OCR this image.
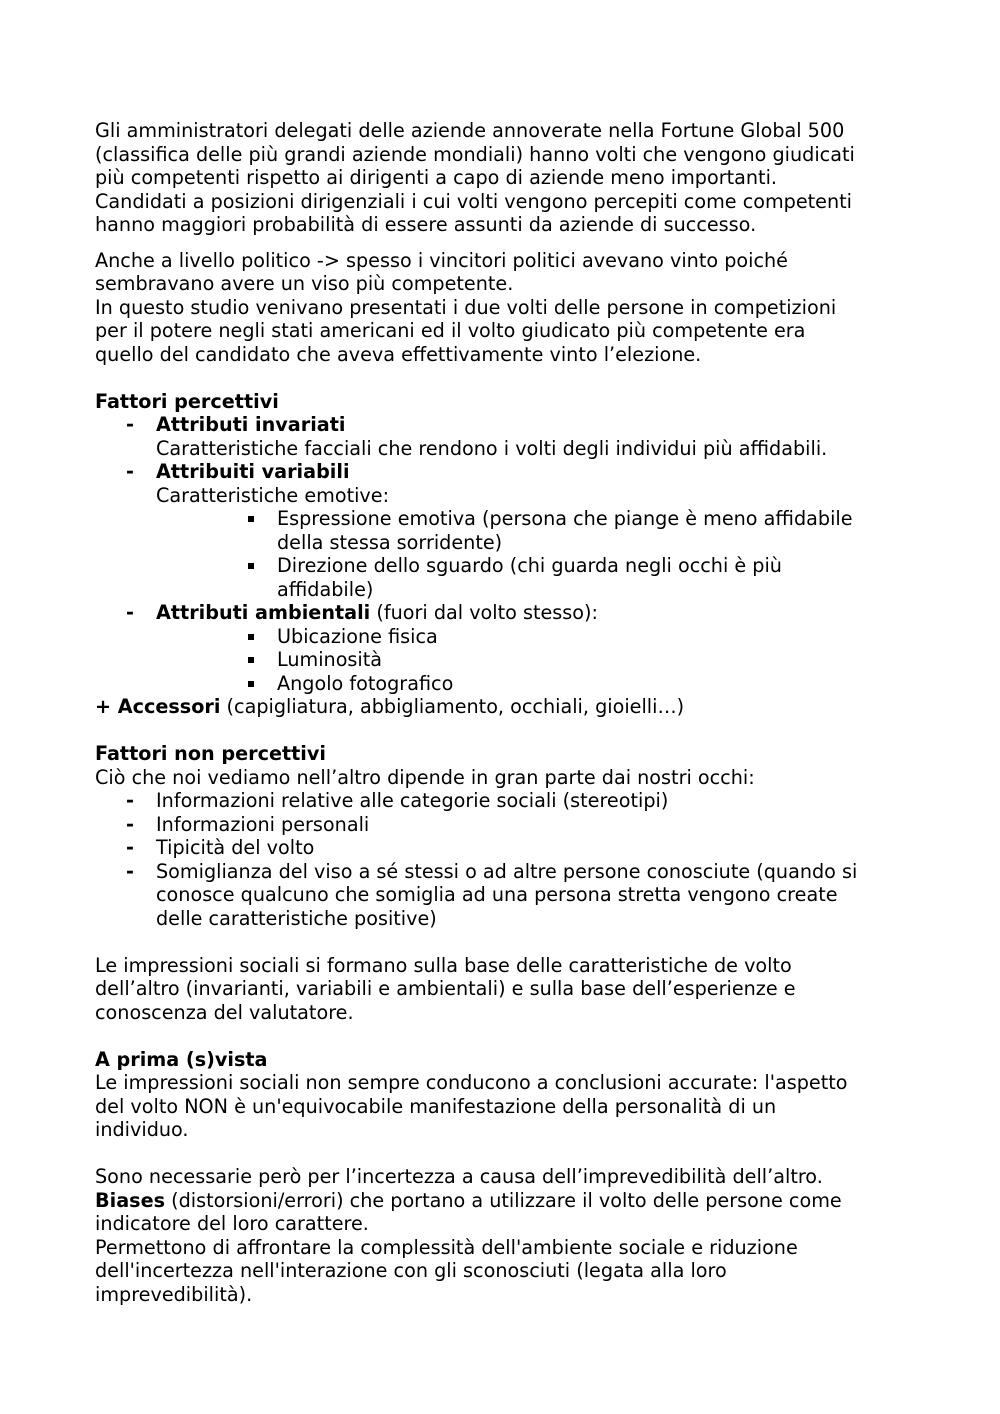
Gli amministratori delegati delle aziende annoverate nella Fortune Global 500

(classifica delle più grandi aziende mondiali) hanno volti che vengono giudicati

più competenti rispetto ai dirigenti a capo di aziende meno importanti.

Candidati a posizioni dirigenziali i cui volti vengono percepiti come competenti

hanno maggiori probabilità di essere assunti da aziende di successo.

Anche a livello politico -> spesso i vincitori politici avevano vinto poiché

sembravano avere un viso più competente.

In questo studio venivano presentati i due volti delle persone in competizioni

per il potere negli stati americani ed il volto giudicato più competente era

quello del candidato che aveva effettivamente vinto l’elezione.

Fattori percettivi

- Attributi invariati

Caratteristiche facciali che rendono i volti degli individui più affidabili.

- Attribuiti variabili

Caratteristiche emotive:

Espressione emotiva (persona che piange è meno affidabile

della stessa sorridente)

Direzione dello sguardo (chi guarda negli occhi è più

affidabile)

- Attributi ambientali (fuori dal volto stesso):

Ubicazione fisica

Luminosità

Angolo fotografico

+ Accessori (capigliatura, abbigliamento, occhiali, gioielli…)

Fattori non percettivi

Ciò che noi vediamo nell’altro dipende in gran parte dai nostri occhi:

- Informazioni relative alle categorie sociali (stereotipi)

- Informazioni personali

- Tipicità del volto

- Somiglianza del viso a sé stessi o ad altre persone conosciute (quando si

conosce qualcuno che somiglia ad una persona stretta vengono create

delle caratteristiche positive)

Le impressioni sociali si formano sulla base delle caratteristiche de volto

dell’altro (invarianti, variabili e ambientali) e sulla base dell’esperienze e

conoscenza del valutatore.

A prima (s)vista

Le impressioni sociali non sempre conducono a conclusioni accurate: l'aspetto

del volto NON è un'equivocabile manifestazione della personalità di un

individuo.

Sono necessarie però per l’incertezza a causa dell’imprevedibilità dell’altro.

Biases (distorsioni/errori) che portano a utilizzare il volto delle persone come

indicatore del loro carattere.

Permettono di affrontare la complessità dell'ambiente sociale e riduzione

dell'incertezza nell'interazione con gli sconosciuti (legata alla loro

imprevedibilità).
